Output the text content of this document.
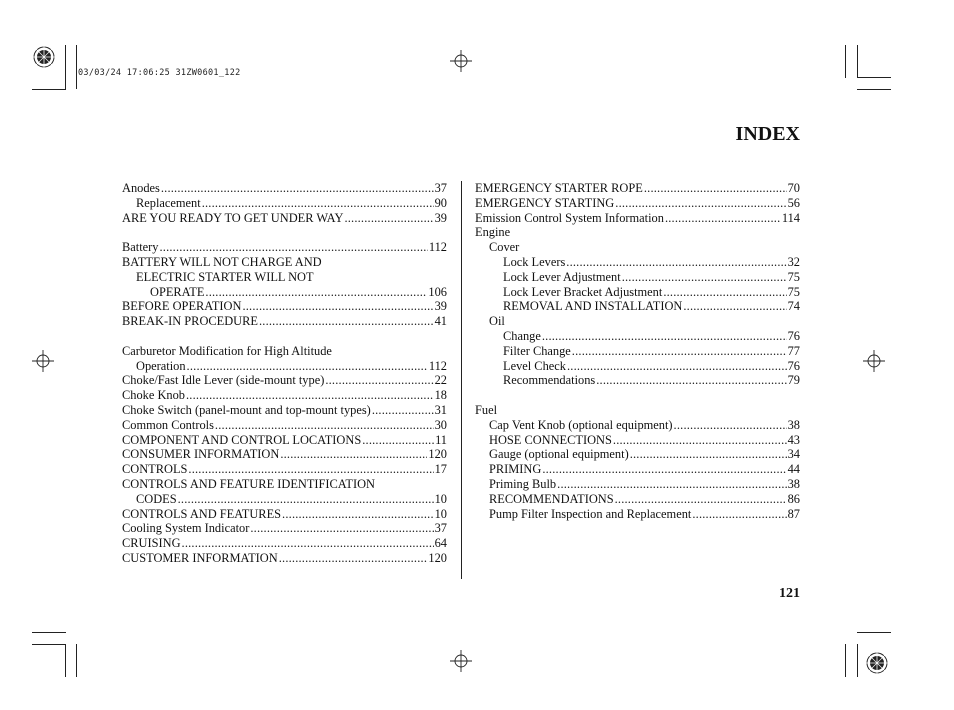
03/03/24 17:06:25 31ZW0601_122
INDEX
Anodes .....	37
Replacement .....	90
ARE YOU READY TO GET UNDER WAY .....	39
Battery .....	112
BATTERY WILL NOT CHARGE AND
ELECTRIC STARTER WILL NOT
OPERATE .....	106
BEFORE OPERATION .....	39
BREAK-IN PROCEDURE .....	41
Carburetor Modification for High Altitude
Operation .....	112
Choke/Fast Idle Lever (side-mount type) .....	22
Choke Knob .....	18
Choke Switch (panel-mount and top-mount types) .....	31
Common Controls .....	30
COMPONENT AND CONTROL LOCATIONS .....	11
CONSUMER INFORMATION .....	120
CONTROLS .....	17
CONTROLS AND FEATURE IDENTIFICATION
CODES .....	10
CONTROLS AND FEATURES .....	10
Cooling System Indicator .....	37
CRUISING .....	64
CUSTOMER INFORMATION .....	120
EMERGENCY STARTER ROPE .....	70
EMERGENCY STARTING .....	56
Emission Control System Information .....	114
Engine
Cover
Lock Levers .....	32
Lock Lever Adjustment .....	75
Lock Lever Bracket Adjustment .....	75
REMOVAL AND INSTALLATION .....	74
Oil
Change .....	76
Filter Change .....	77
Level Check .....	76
Recommendations .....	79
Fuel
Cap Vent Knob (optional equipment) .....	38
HOSE CONNECTIONS .....	43
Gauge (optional equipment) .....	34
PRIMING .....	44
Priming Bulb .....	38
RECOMMENDATIONS .....	86
Pump Filter Inspection and Replacement .....	87
121
